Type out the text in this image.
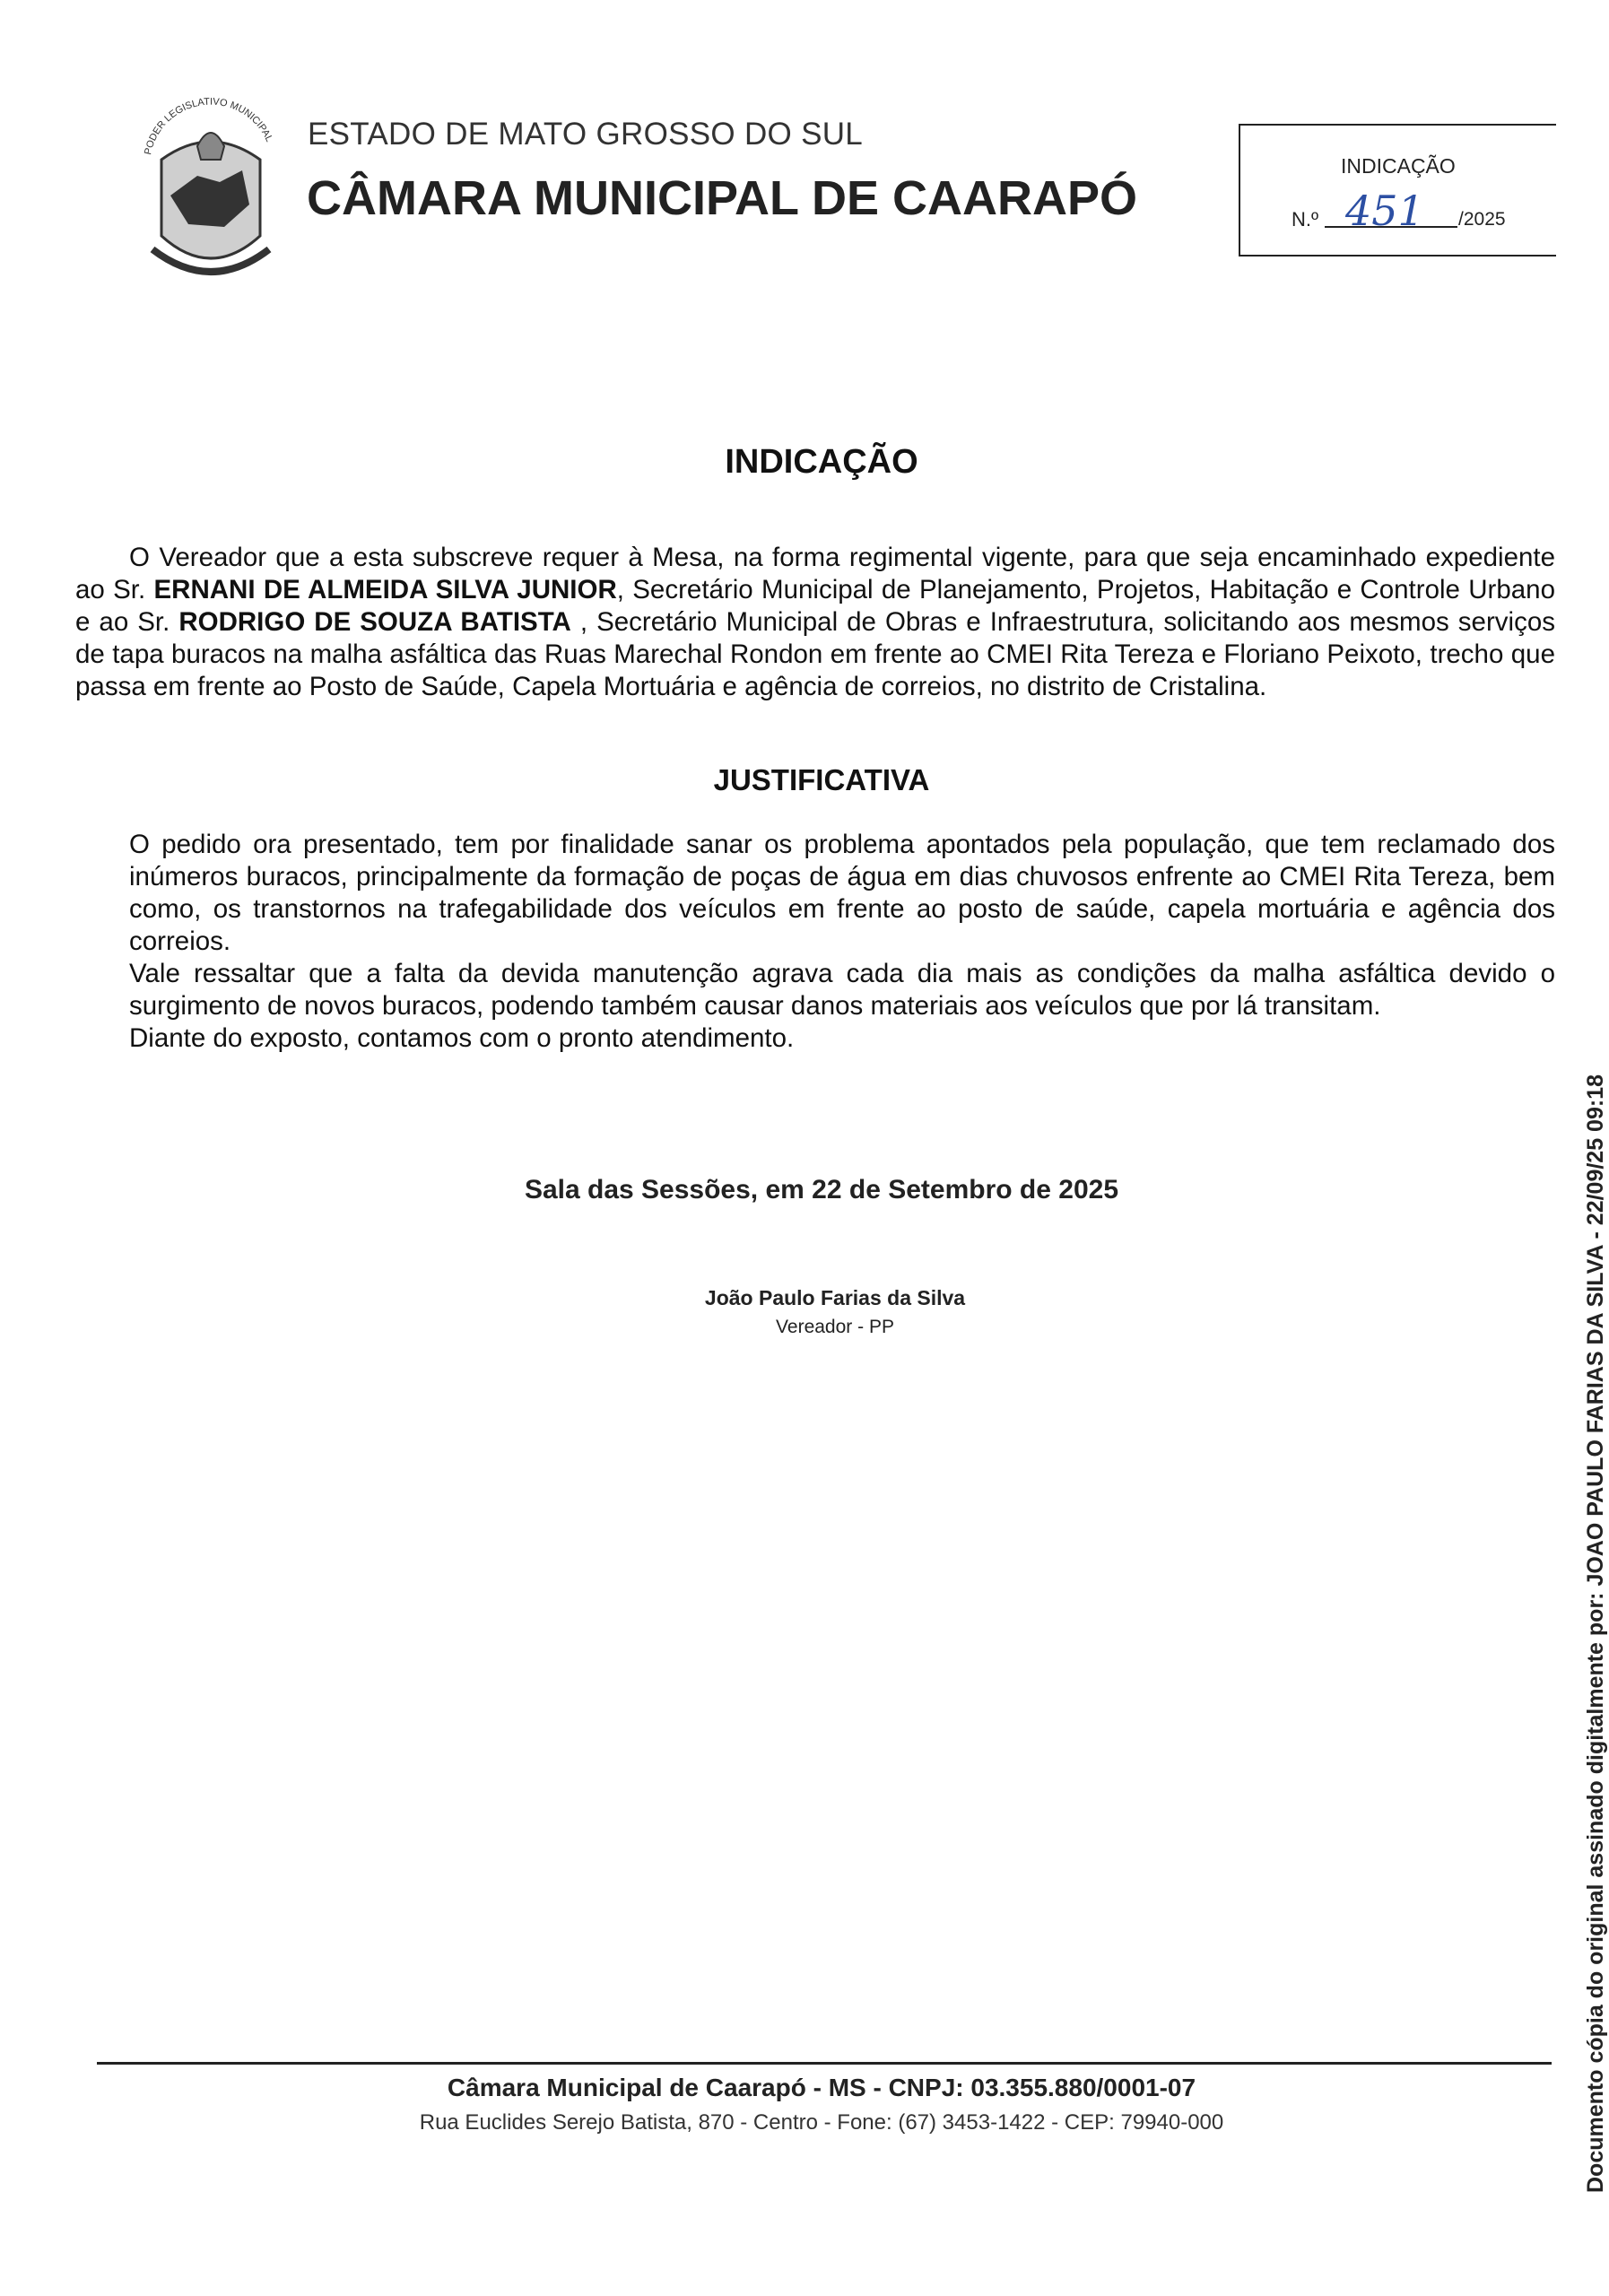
PODER LEGISLATIVO MUNICIPAL ESTADO DE MATO GROSSO DO SUL
CÂMARA MUNICIPAL DE CAARAPÓ
INDICAÇÃO
N.º 451 /2025
INDICAÇÃO
O Vereador que a esta subscreve requer à Mesa, na forma regimental vigente, para que seja encaminhado expediente ao Sr. ERNANI DE ALMEIDA SILVA JUNIOR, Secretário Municipal de Planejamento, Projetos, Habitação e Controle Urbano e ao Sr. RODRIGO DE SOUZA BATISTA , Secretário Municipal de Obras e Infraestrutura, solicitando aos mesmos serviços de tapa buracos na malha asfáltica das Ruas Marechal Rondon em frente ao CMEI Rita Tereza e Floriano Peixoto, trecho que passa em frente ao Posto de Saúde, Capela Mortuária e agência de correios, no distrito de Cristalina.
JUSTIFICATIVA
O pedido ora presentado, tem por finalidade sanar os problema apontados pela população, que tem reclamado dos inúmeros buracos, principalmente da formação de poças de água em dias chuvosos enfrente ao CMEI Rita Tereza, bem como, os transtornos na trafegabilidade dos veículos em frente ao posto de saúde, capela mortuária e agência dos correios.
Vale ressaltar que a falta da devida manutenção agrava cada dia mais as condições da malha asfáltica devido o surgimento de novos buracos, podendo também causar danos materiais aos veículos que por lá transitam.
Diante do exposto, contamos com o pronto atendimento.
Sala das Sessões, em 22 de Setembro de 2025
João Paulo Farias da Silva
Vereador - PP
Câmara Municipal de Caarapó - MS - CNPJ: 03.355.880/0001-07
Rua Euclides Serejo Batista, 870 - Centro - Fone: (67) 3453-1422 - CEP: 79940-000	Documento cópia do original assinado digitalmente por: JOAO PAULO FARIAS DA SILVA - 22/09/25 09:18
